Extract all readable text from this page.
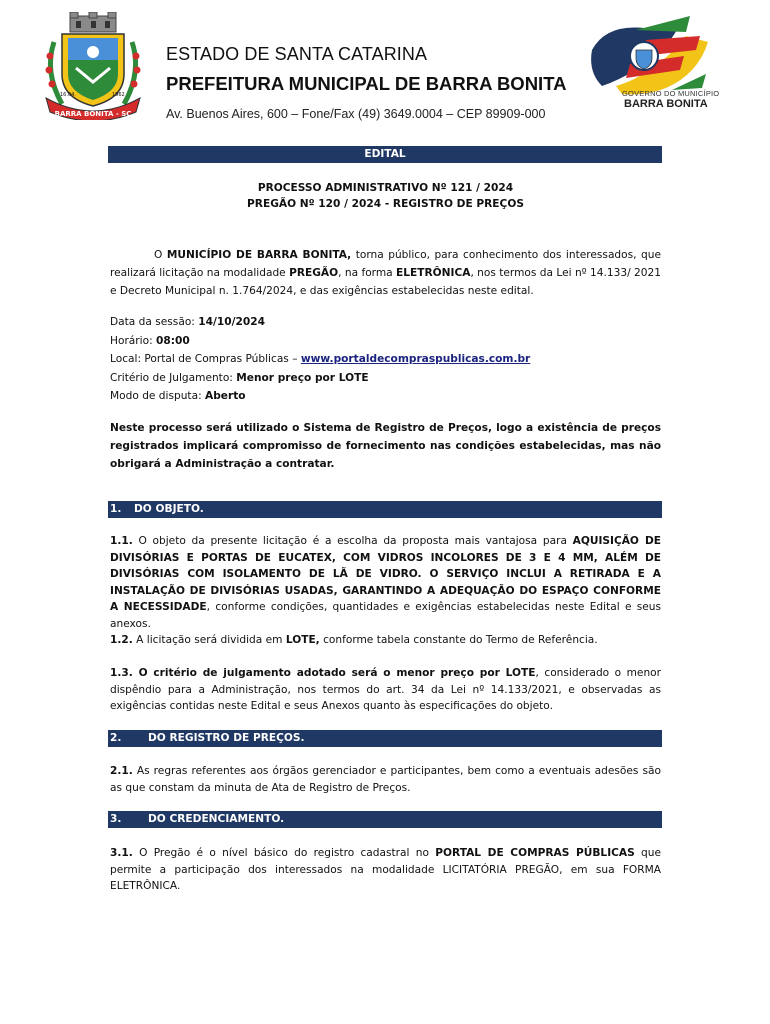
16.04.	1962
BARRA BONITA - SC
ESTADO DE SANTA CATARINA
PREFEITURA MUNICIPAL DE BARRA BONITA
Av. Buenos Aires, 600 – Fone/Fax (49) 3649.0004 – CEP 89909-000
GOVERNO DO MUNICÍPIO
BARRA BONITA
EDITAL
PROCESSO ADMINISTRATIVO Nº 121 / 2024
PREGÃO Nº 120 / 2024 - REGISTRO DE PREÇOS
O MUNICÍPIO DE BARRA BONITA, torna público, para conhecimento dos interessados, que realizará licitação na modalidade PREGÃO, na forma ELETRÔNICA, nos termos da Lei nº 14.133/ 2021 e Decreto Municipal n. 1.764/2024, e das exigências estabelecidas neste edital.
Data da sessão: 14/10/2024
Horário: 08:00
Local: Portal de Compras Públicas – www.portaldecompraspublicas.com.br
Critério de Julgamento: Menor preço por LOTE
Modo de disputa: Aberto
Neste processo será utilizado o Sistema de Registro de Preços, logo a existência de preços registrados implicará compromisso de fornecimento nas condições estabelecidas, mas não obrigará a Administração a contratar.
1. DO OBJETO.
1.1. O objeto da presente licitação é a escolha da proposta mais vantajosa para AQUISIÇÃO DE DIVISÓRIAS E PORTAS DE EUCATEX, COM VIDROS INCOLORES DE 3 E 4 MM, ALÉM DE DIVISÓRIAS COM ISOLAMENTO DE LÃ DE VIDRO. O SERVIÇO INCLUI A RETIRADA E A INSTALAÇÃO DE DIVISÓRIAS USADAS, GARANTINDO A ADEQUAÇÃO DO ESPAÇO CONFORME A NECESSIDADE, conforme condições, quantidades e exigências estabelecidas neste Edital e seus anexos.
1.2. A licitação será dividida em LOTE, conforme tabela constante do Termo de Referência.
1.3. O critério de julgamento adotado será o menor preço por LOTE, considerado o menor dispêndio para a Administração, nos termos do art. 34 da Lei nº 14.133/2021, e observadas as exigências contidas neste Edital e seus Anexos quanto às especificações do objeto.
2.	DO REGISTRO DE PREÇOS.
2.1. As regras referentes aos órgãos gerenciador e participantes, bem como a eventuais adesões são as que constam da minuta de Ata de Registro de Preços.
3.	DO CREDENCIAMENTO.
3.1. O Pregão é o nível básico do registro cadastral no PORTAL DE COMPRAS PÚBLICAS que permite a participação dos interessados na modalidade LICITATÓRIA PREGÃO, em sua FORMA ELETRÔNICA.
